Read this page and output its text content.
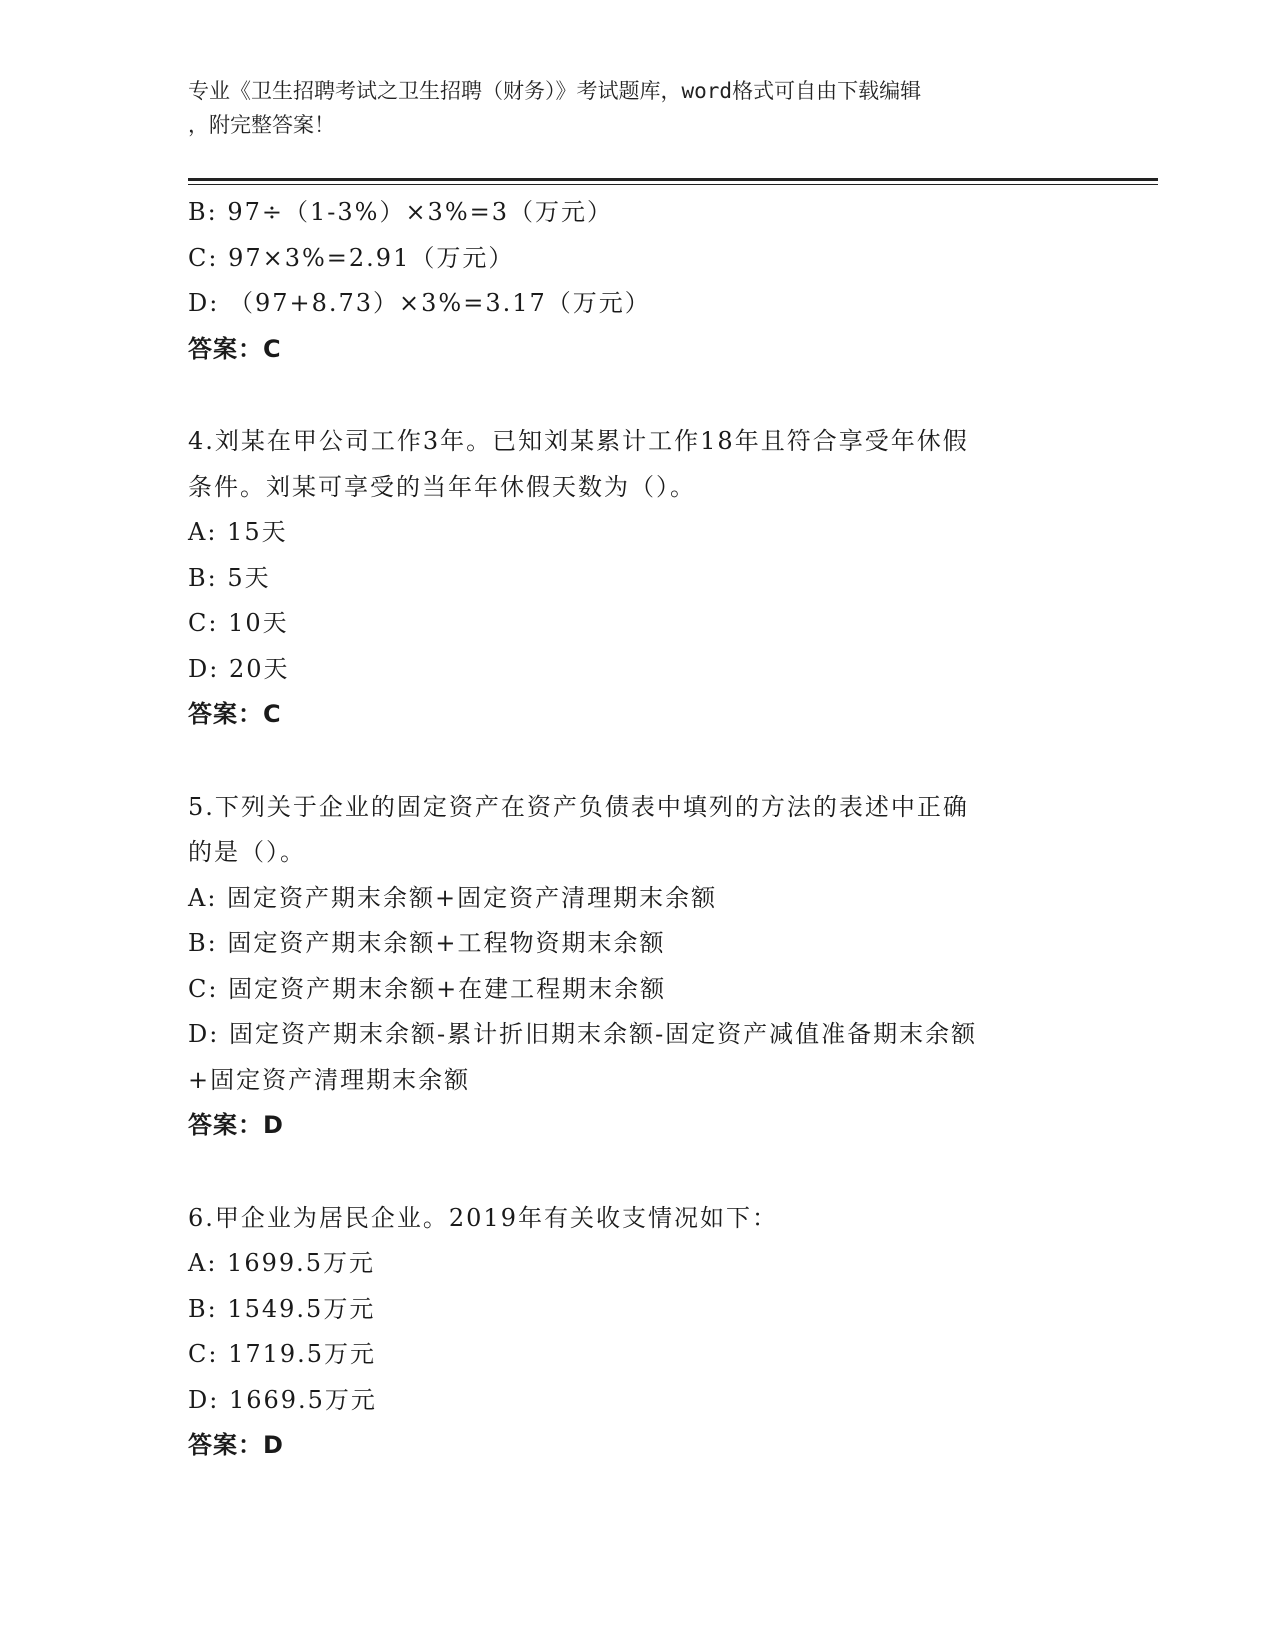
专业《卫生招聘考试之卫生招聘（财务）》考试题库，word格式可自由下载编辑
，附完整答案！
B: 97÷（1-3%）×3%=3（万元）
C: 97×3%=2.91（万元）
D: （97+8.73）×3%=3.17（万元）
答案：C
4.刘某在甲公司工作3年。已知刘某累计工作18年且符合享受年休假
条件。刘某可享受的当年年休假天数为（）。
A: 15天
B: 5天
C: 10天
D: 20天
答案：C
5.下列关于企业的固定资产在资产负债表中填列的方法的表述中正确
的是（）。
A: 固定资产期末余额+固定资产清理期末余额
B: 固定资产期末余额+工程物资期末余额
C: 固定资产期末余额+在建工程期末余额
D: 固定资产期末余额-累计折旧期末余额-固定资产减值准备期末余额
+固定资产清理期末余额
答案：D
6.甲企业为居民企业。2019年有关收支情况如下：
A: 1699.5万元
B: 1549.5万元
C: 1719.5万元
D: 1669.5万元
答案：D
